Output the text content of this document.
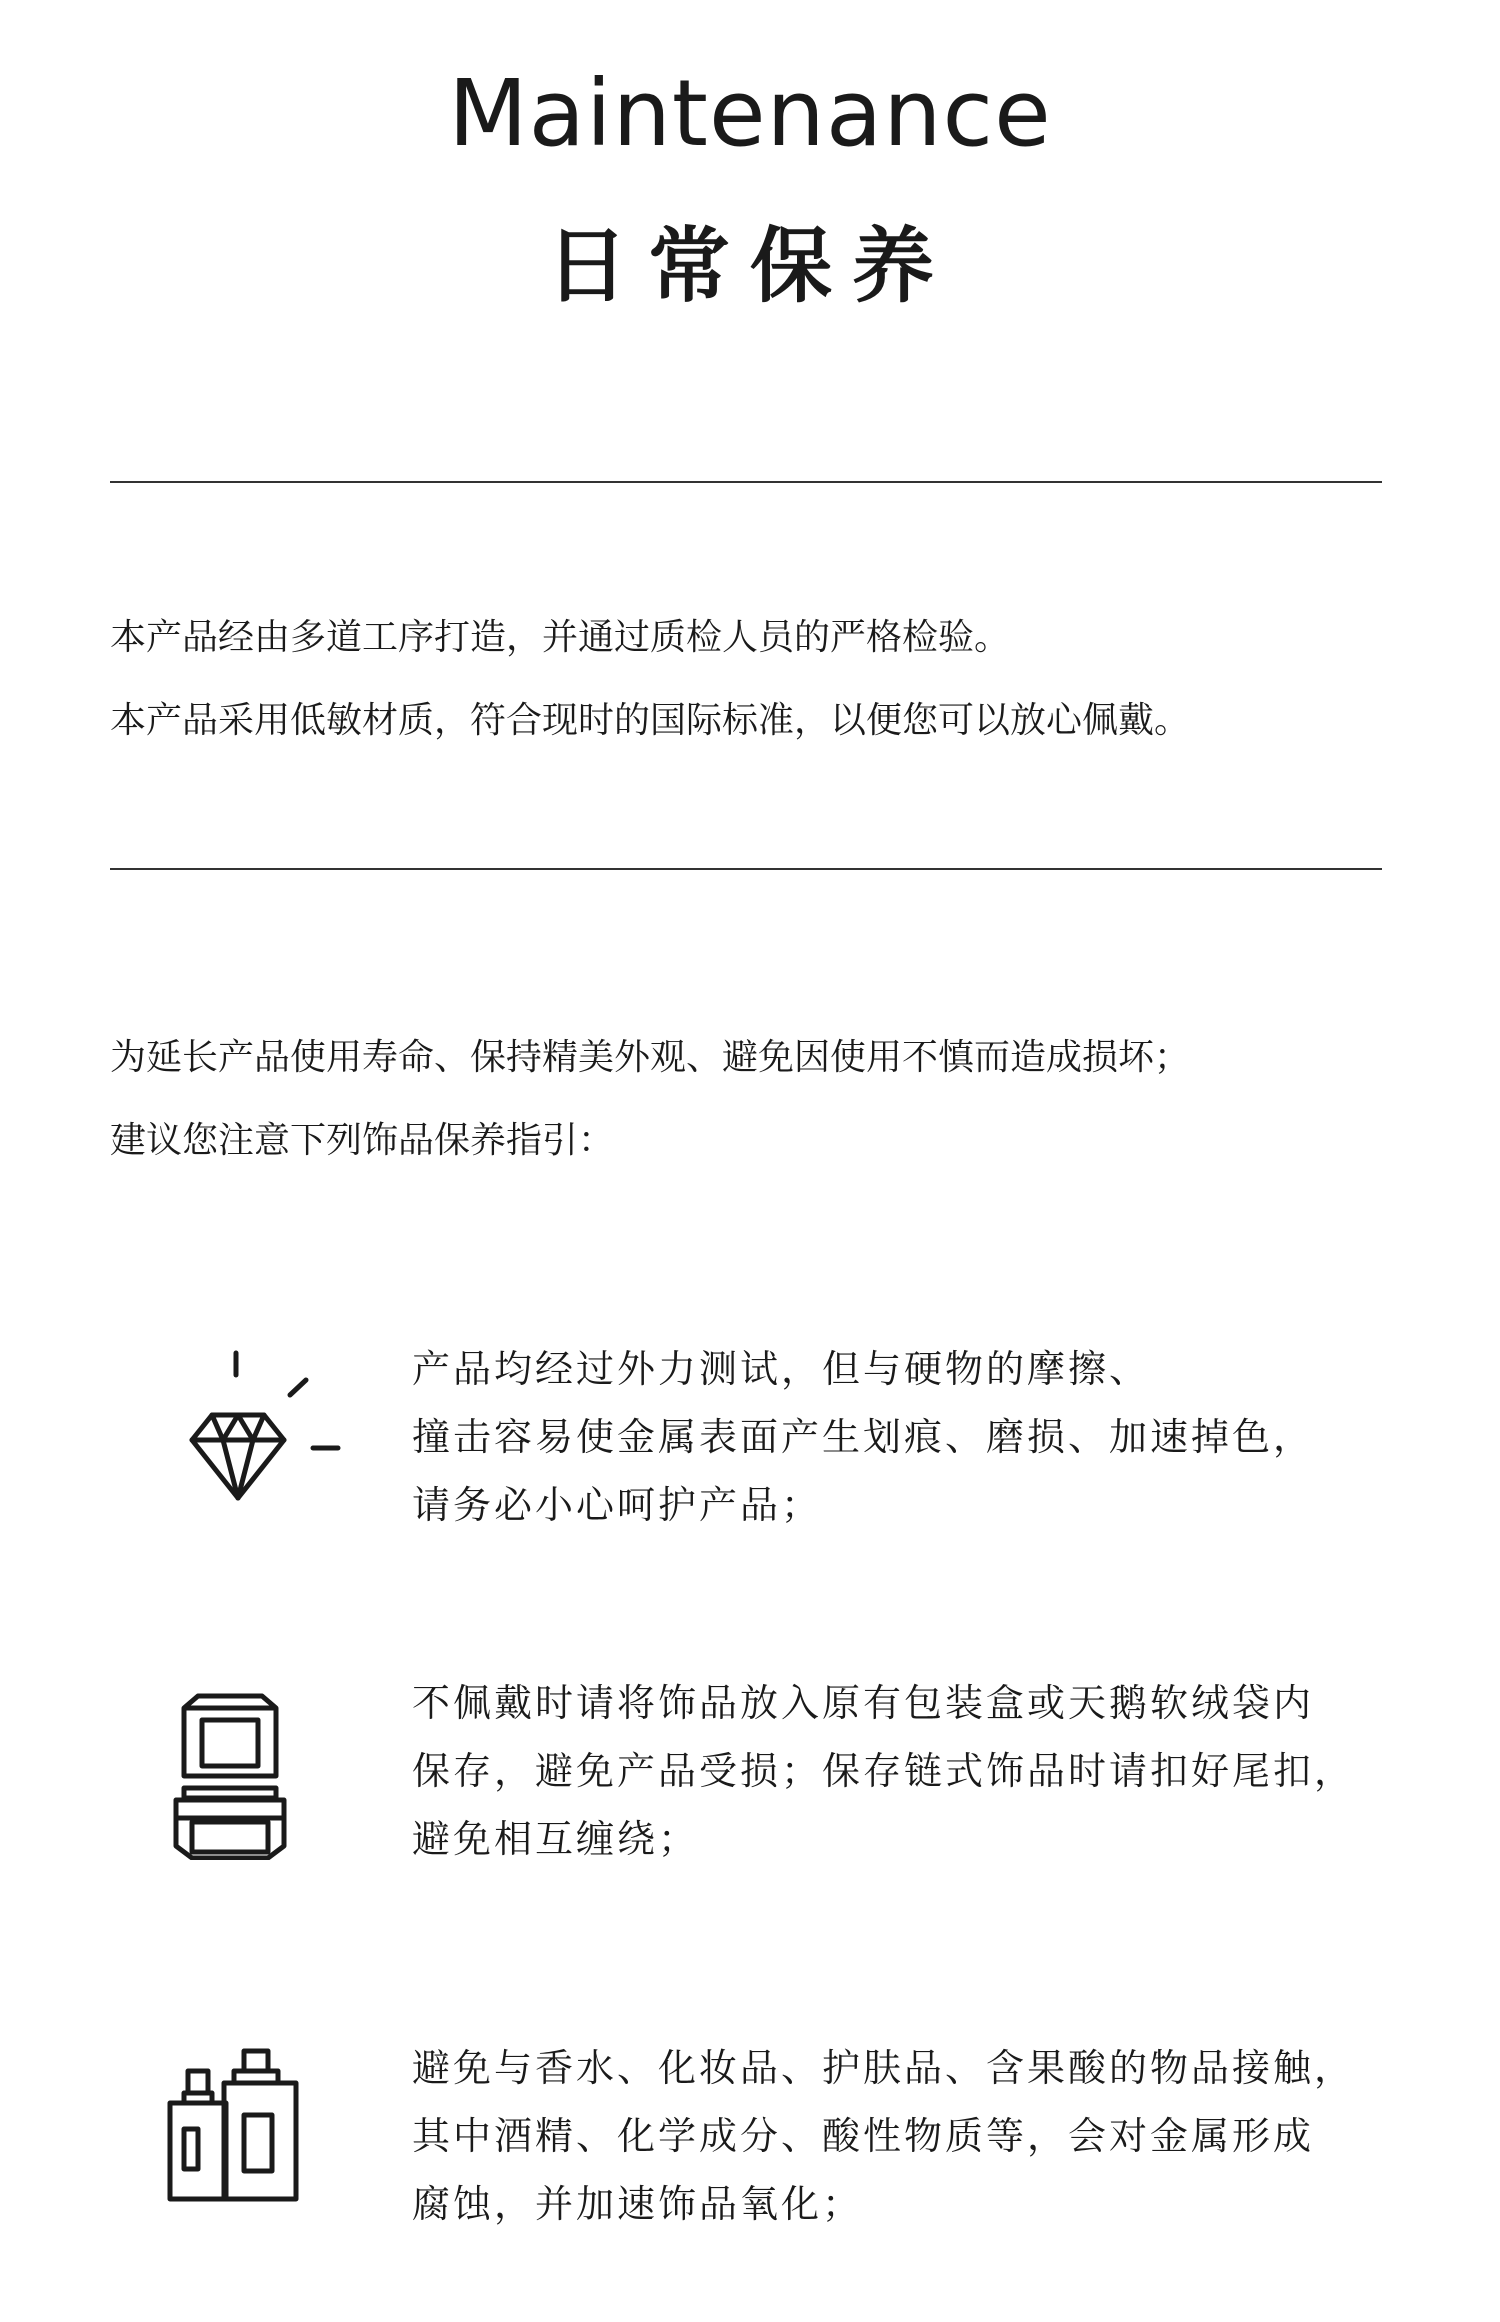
Maintenance
日常保养
本产品经由多道工序打造，并通过质检人员的严格检验。
本产品采用低敏材质，符合现时的国际标准，以便您可以放心佩戴。
为延长产品使用寿命、保持精美外观、避免因使用不慎而造成损坏；
建议您注意下列饰品保养指引：
产品均经过外力测试，但与硬物的摩擦、
撞击容易使金属表面产生划痕、磨损、加速掉色，
请务必小心呵护产品；
不佩戴时请将饰品放入原有包装盒或天鹅软绒袋内
保存，避免产品受损；保存链式饰品时请扣好尾扣，
避免相互缠绕；
避免与香水、化妆品、护肤品、含果酸的物品接触，
其中酒精、化学成分、酸性物质等，会对金属形成
腐蚀，并加速饰品氧化；
